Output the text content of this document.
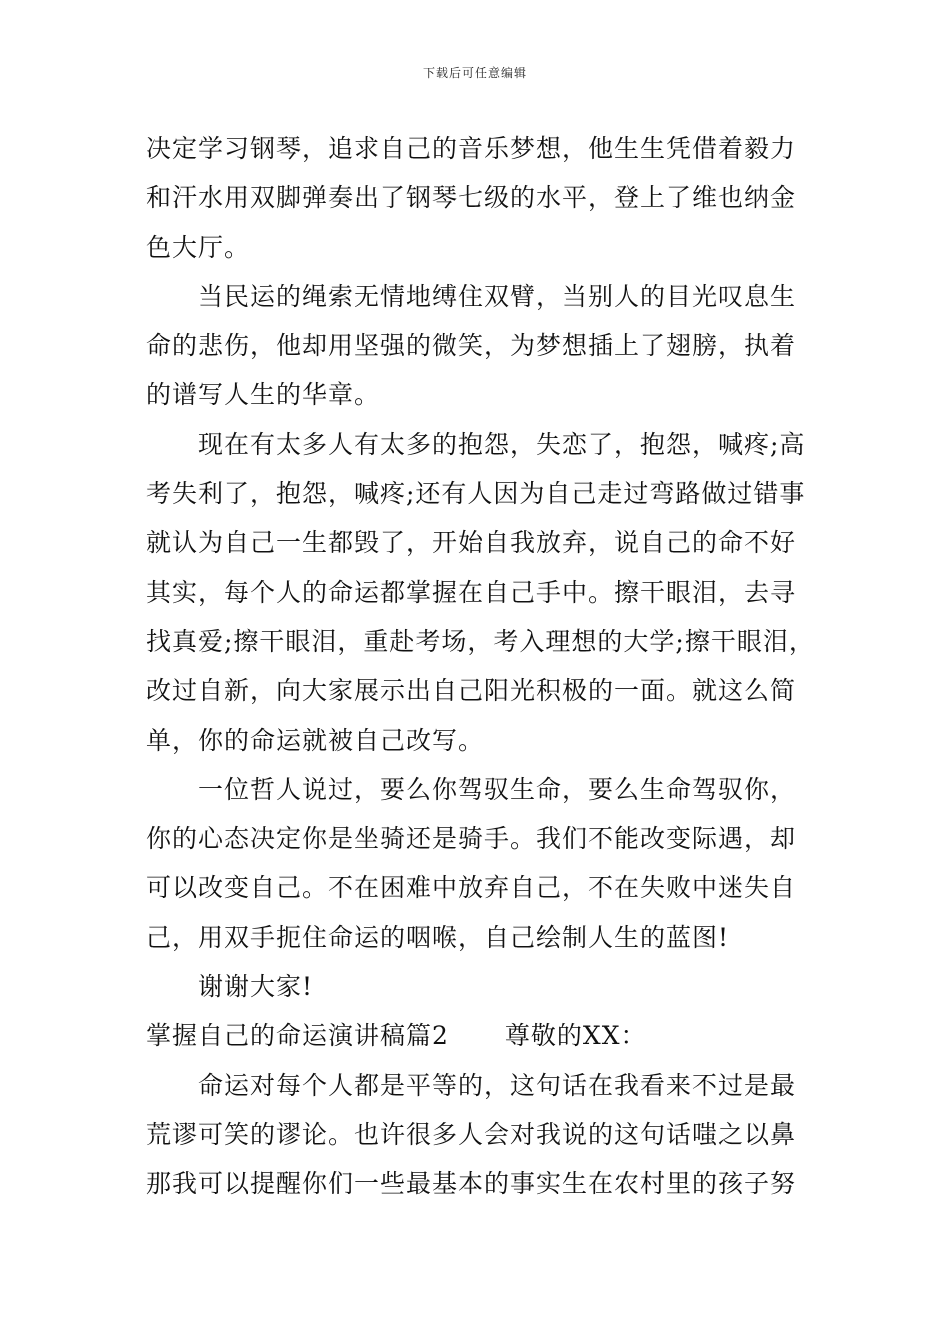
下载后可任意编辑
决定学习钢琴，追求自己的音乐梦想，他生生凭借着毅力
和汗水用双脚弹奏出了钢琴七级的水平，登上了维也纳金
色大厅。
当民运的绳索无情地缚住双臂，当别人的目光叹息生
命的悲伤，他却用坚强的微笑，为梦想插上了翅膀，执着
的谱写人生的华章。
现在有太多人有太多的抱怨，失恋了，抱怨，喊疼;高
考失利了，抱怨，喊疼;还有人因为自己走过弯路做过错事
就认为自己一生都毁了，开始自我放弃，说自己的命不好
其实，每个人的命运都掌握在自己手中。擦干眼泪，去寻
找真爱;擦干眼泪，重赴考场，考入理想的大学;擦干眼泪，
改过自新，向大家展示出自己阳光积极的一面。就这么简
单，你的命运就被自己改写。
一位哲人说过，要么你驾驭生命，要么生命驾驭你，
你的心态决定你是坐骑还是骑手。我们不能改变际遇，却
可以改变自己。不在困难中放弃自己，不在失败中迷失自
己，用双手扼住命运的咽喉，自己绘制人生的蓝图!
谢谢大家!
掌握自己的命运演讲稿篇2 尊敬的XX：
命运对每个人都是平等的，这句话在我看来不过是最
荒谬可笑的谬论。也许很多人会对我说的这句话嗤之以鼻
那我可以提醒你们一些最基本的事实生在农村里的孩子努
